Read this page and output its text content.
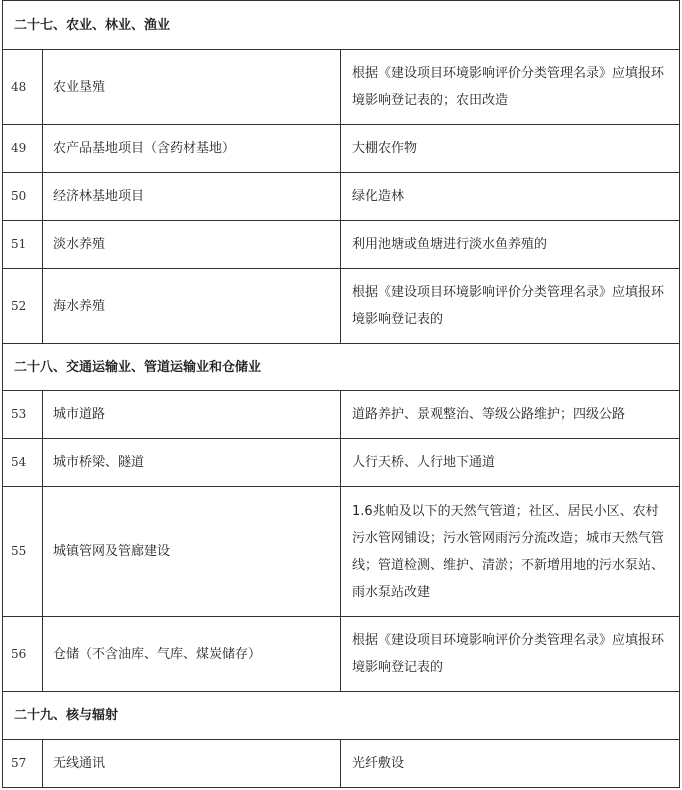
二十七、农业、林业、渔业		
48	农业垦殖	根据《建设项目环境影响评价分类管理名录》应填报环境影响登记表的；农田改造
49	农产品基地项目（含药材基地）	大棚农作物
50	经济林基地项目	绿化造林
51	淡水养殖	利用池塘或鱼塘进行淡水鱼养殖的
52	海水养殖	根据《建设项目环境影响评价分类管理名录》应填报环境影响登记表的
二十八、交通运输业、管道运输业和仓储业		
53	城市道路	道路养护、景观整治、等级公路维护；四级公路
54	城市桥梁、隧道	人行天桥、人行地下通道
55	城镇管网及管廊建设	1.6兆帕及以下的天然气管道；社区、居民小区、农村污水管网铺设；污水管网雨污分流改造；城市天然气管线；管道检测、维护、清淤；不新增用地的污水泵站、雨水泵站改建
56	仓储（不含油库、气库、煤炭储存）	根据《建设项目环境影响评价分类管理名录》应填报环境影响登记表的
二十九、核与辐射		
57	无线通讯	光纤敷设
